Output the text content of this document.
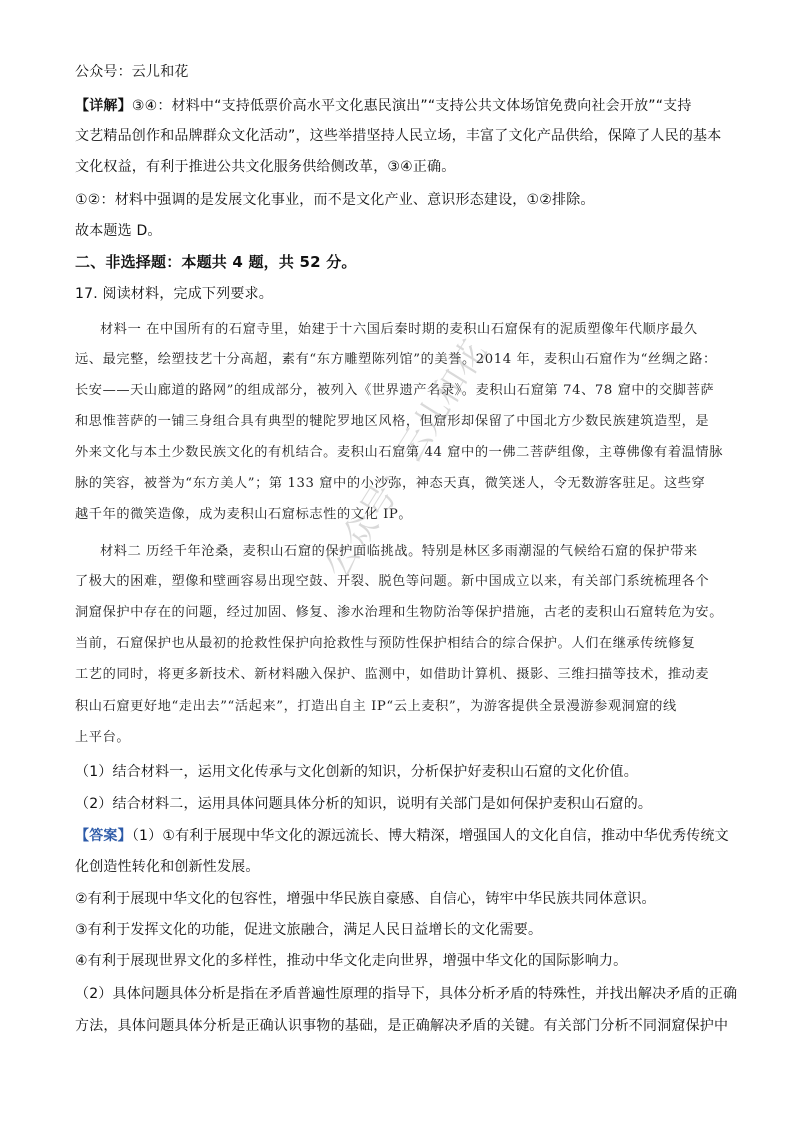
公众号：云儿和花
【详解】③④：材料中“支持低票价高水平文化惠民演出”“支持公共文体场馆免费向社会开放”“支持
文艺精品创作和品牌群众文化活动”，这些举措坚持人民立场，丰富了文化产品供给，保障了人民的基本
文化权益，有利于推进公共文化服务供给侧改革，③④正确。
①②：材料中强调的是发展文化事业，而不是文化产业、意识形态建设，①②排除。
故本题选 D。
二、非选择题：本题共 4 题，共 52 分。
17. 阅读材料，完成下列要求。
材料一 在中国所有的石窟寺里，始建于十六国后秦时期的麦积山石窟保有的泥质塑像年代顺序最久
远、最完整，绘塑技艺十分高超，素有“东方雕塑陈列馆”的美誉。2014 年，麦积山石窟作为“丝绸之路：
长安——天山廊道的路网”的组成部分，被列入《世界遗产名录》。麦积山石窟第 74、78 窟中的交脚菩萨
和思惟菩萨的一铺三身组合具有典型的犍陀罗地区风格，但窟形却保留了中国北方少数民族建筑造型，是
外来文化与本土少数民族文化的有机结合。麦积山石窟第 44 窟中的一佛二菩萨组像，主尊佛像有着温情脉
脉的笑容，被誉为“东方美人”；第 133 窟中的小沙弥，神态天真，微笑迷人，令无数游客驻足。这些穿
越千年的微笑造像，成为麦积山石窟标志性的文化 IP。
材料二 历经千年沧桑，麦积山石窟的保护面临挑战。特别是林区多雨潮湿的气候给石窟的保护带来
了极大的困难，塑像和壁画容易出现空鼓、开裂、脱色等问题。新中国成立以来，有关部门系统梳理各个
洞窟保护中存在的问题，经过加固、修复、渗水治理和生物防治等保护措施，古老的麦积山石窟转危为安。
当前，石窟保护也从最初的抢救性保护向抢救性与预防性保护相结合的综合保护。人们在继承传统修复
工艺的同时，将更多新技术、新材料融入保护、监测中，如借助计算机、摄影、三维扫描等技术，推动麦
积山石窟更好地“走出去”“活起来”，打造出自主 IP“云上麦积”，为游客提供全景漫游参观洞窟的线
上平台。
（1）结合材料一，运用文化传承与文化创新的知识，分析保护好麦积山石窟的文化价值。
（2）结合材料二，运用具体问题具体分析的知识，说明有关部门是如何保护麦积山石窟的。
【答案】（1）①有利于展现中华文化的源远流长、博大精深，增强国人的文化自信，推动中华优秀传统文
化创造性转化和创新性发展。
②有利于展现中华文化的包容性，增强中华民族自豪感、自信心，铸牢中华民族共同体意识。
③有利于发挥文化的功能，促进文旅融合，满足人民日益增长的文化需要。
④有利于展现世界文化的多样性，推动中华文化走向世界，增强中华文化的国际影响力。
（2）具体问题具体分析是指在矛盾普遍性原理的指导下，具体分析矛盾的特殊性，并找出解决矛盾的正确
方法，具体问题具体分析是正确认识事物的基础，是正确解决矛盾的关键。有关部门分析不同洞窟保护中
公众号：云儿和花
